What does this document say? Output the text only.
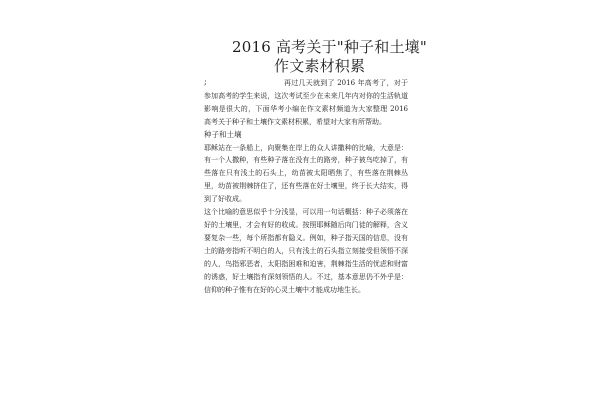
2016 高考关于"种子和土壤"
作文素材积累
;	再过几天就到了 2016 年高考了，对于参加高考的学生来说，这次考试至少在未来几年内对你的生活轨道影响是很大的，下面华考小编在作文素材频道为大家整理 2016 高考关于种子和土壤作文素材积累，希望对大家有所帮助。

种子和土壤

耶稣站在一条船上，向聚集在岸上的众人讲撒种的比喻，大意是：有一个人撒种，有些种子落在没有土的路旁，种子被鸟吃掉了，有些落在只有浅土的石头上，幼苗被太阳晒焦了，有些落在荆棘丛里，幼苗被荆棘挤住了，还有些落在好土壤里，终于长大结实，得到了好收成。

这个比喻的意思似乎十分浅显，可以用一句话概括：种子必须落在好的土壤里，才会有好的收成。按照耶稣随后向门徒的解释，含义要复杂一些，每个所指都有隐义。例如，种子指天国的信息，没有土的路旁指听不明白的人，只有浅土的石头指立刻接受但领悟不深的人，鸟指邪恶者，太阳指困难和迫害，荆棘指生活的忧虑和财富的诱惑，好土壤指有深刻领悟的人。不过，基本意思仍不外乎是：信仰的种子惟有在好的心灵土壤中才能成功地生长。
